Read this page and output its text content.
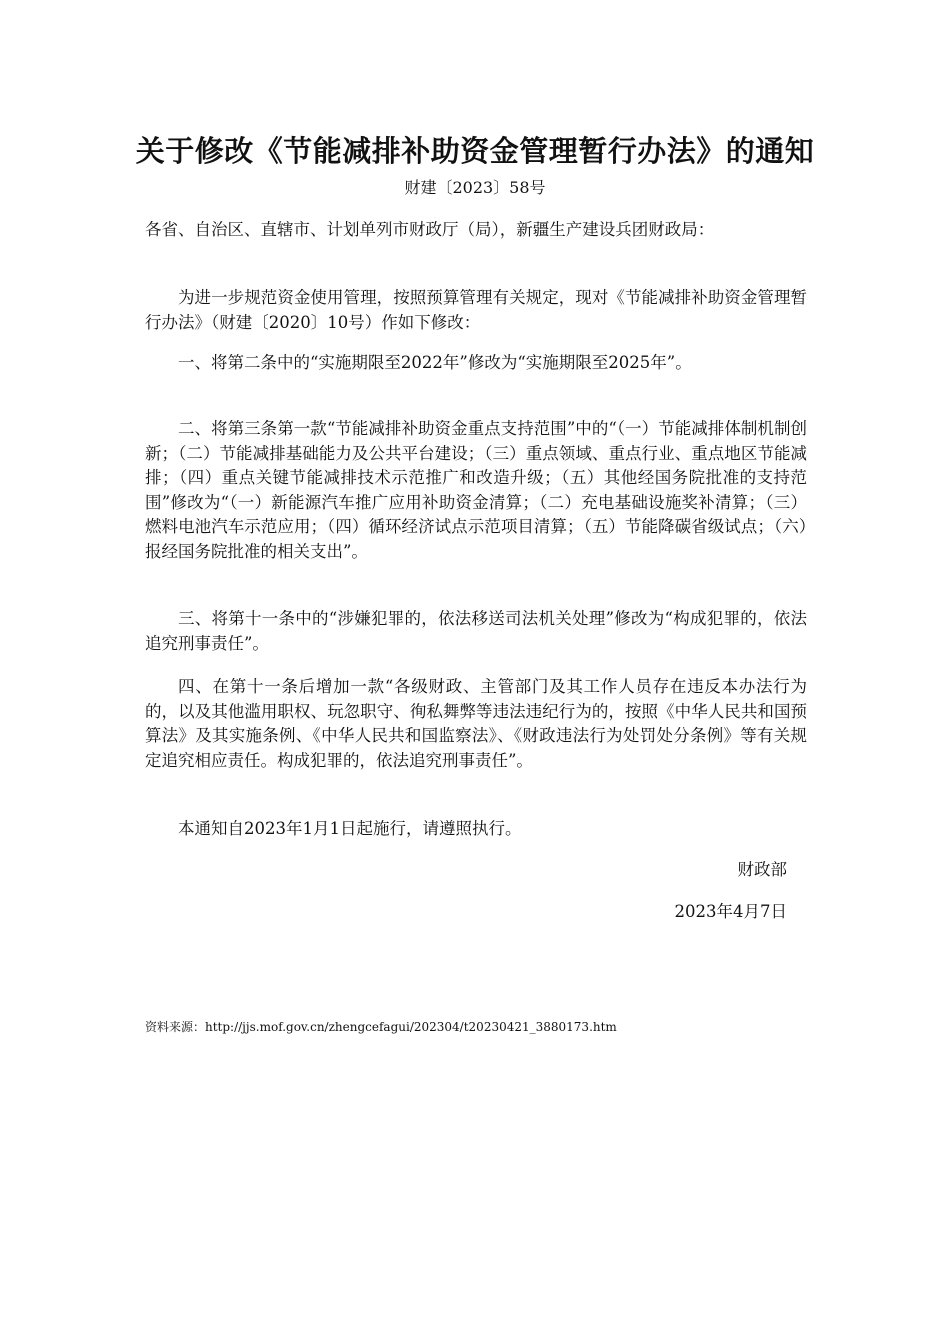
关于修改《节能减排补助资金管理暂行办法》的通知
财建〔2023〕58号
各省、自治区、直辖市、计划单列市财政厅（局），新疆生产建设兵团财政局：

为进一步规范资金使用管理，按照预算管理有关规定，现对《节能减排补助资金管理暂行办法》（财建〔2020〕10号）作如下修改：

一、将第二条中的“实施期限至2022年”修改为“实施期限至2025年”。

二、将第三条第一款“节能减排补助资金重点支持范围”中的“（一）节能减排体制机制创新；（二）节能减排基础能力及公共平台建设；（三）重点领域、重点行业、重点地区节能减排；（四）重点关键节能减排技术示范推广和改造升级；（五）其他经国务院批准的支持范围”修改为“（一）新能源汽车推广应用补助资金清算；（二）充电基础设施奖补清算；（三）燃料电池汽车示范应用；（四）循环经济试点示范项目清算；（五）节能降碳省级试点；（六）报经国务院批准的相关支出”。

三、将第十一条中的“涉嫌犯罪的，依法移送司法机关处理”修改为“构成犯罪的，依法追究刑事责任”。

四、在第十一条后增加一款“各级财政、主管部门及其工作人员存在违反本办法行为的，以及其他滥用职权、玩忽职守、徇私舞弊等违法违纪行为的，按照《中华人民共和国预算法》及其实施条例、《中华人民共和国监察法》、《财政违法行为处罚处分条例》等有关规定追究相应责任。构成犯罪的，依法追究刑事责任”。

本通知自2023年1月1日起施行，请遵照执行。

财政部
2023年4月7日
资料来源：http://jjs.mof.gov.cn/zhengcefagui/202304/t20230421_3880173.htm
